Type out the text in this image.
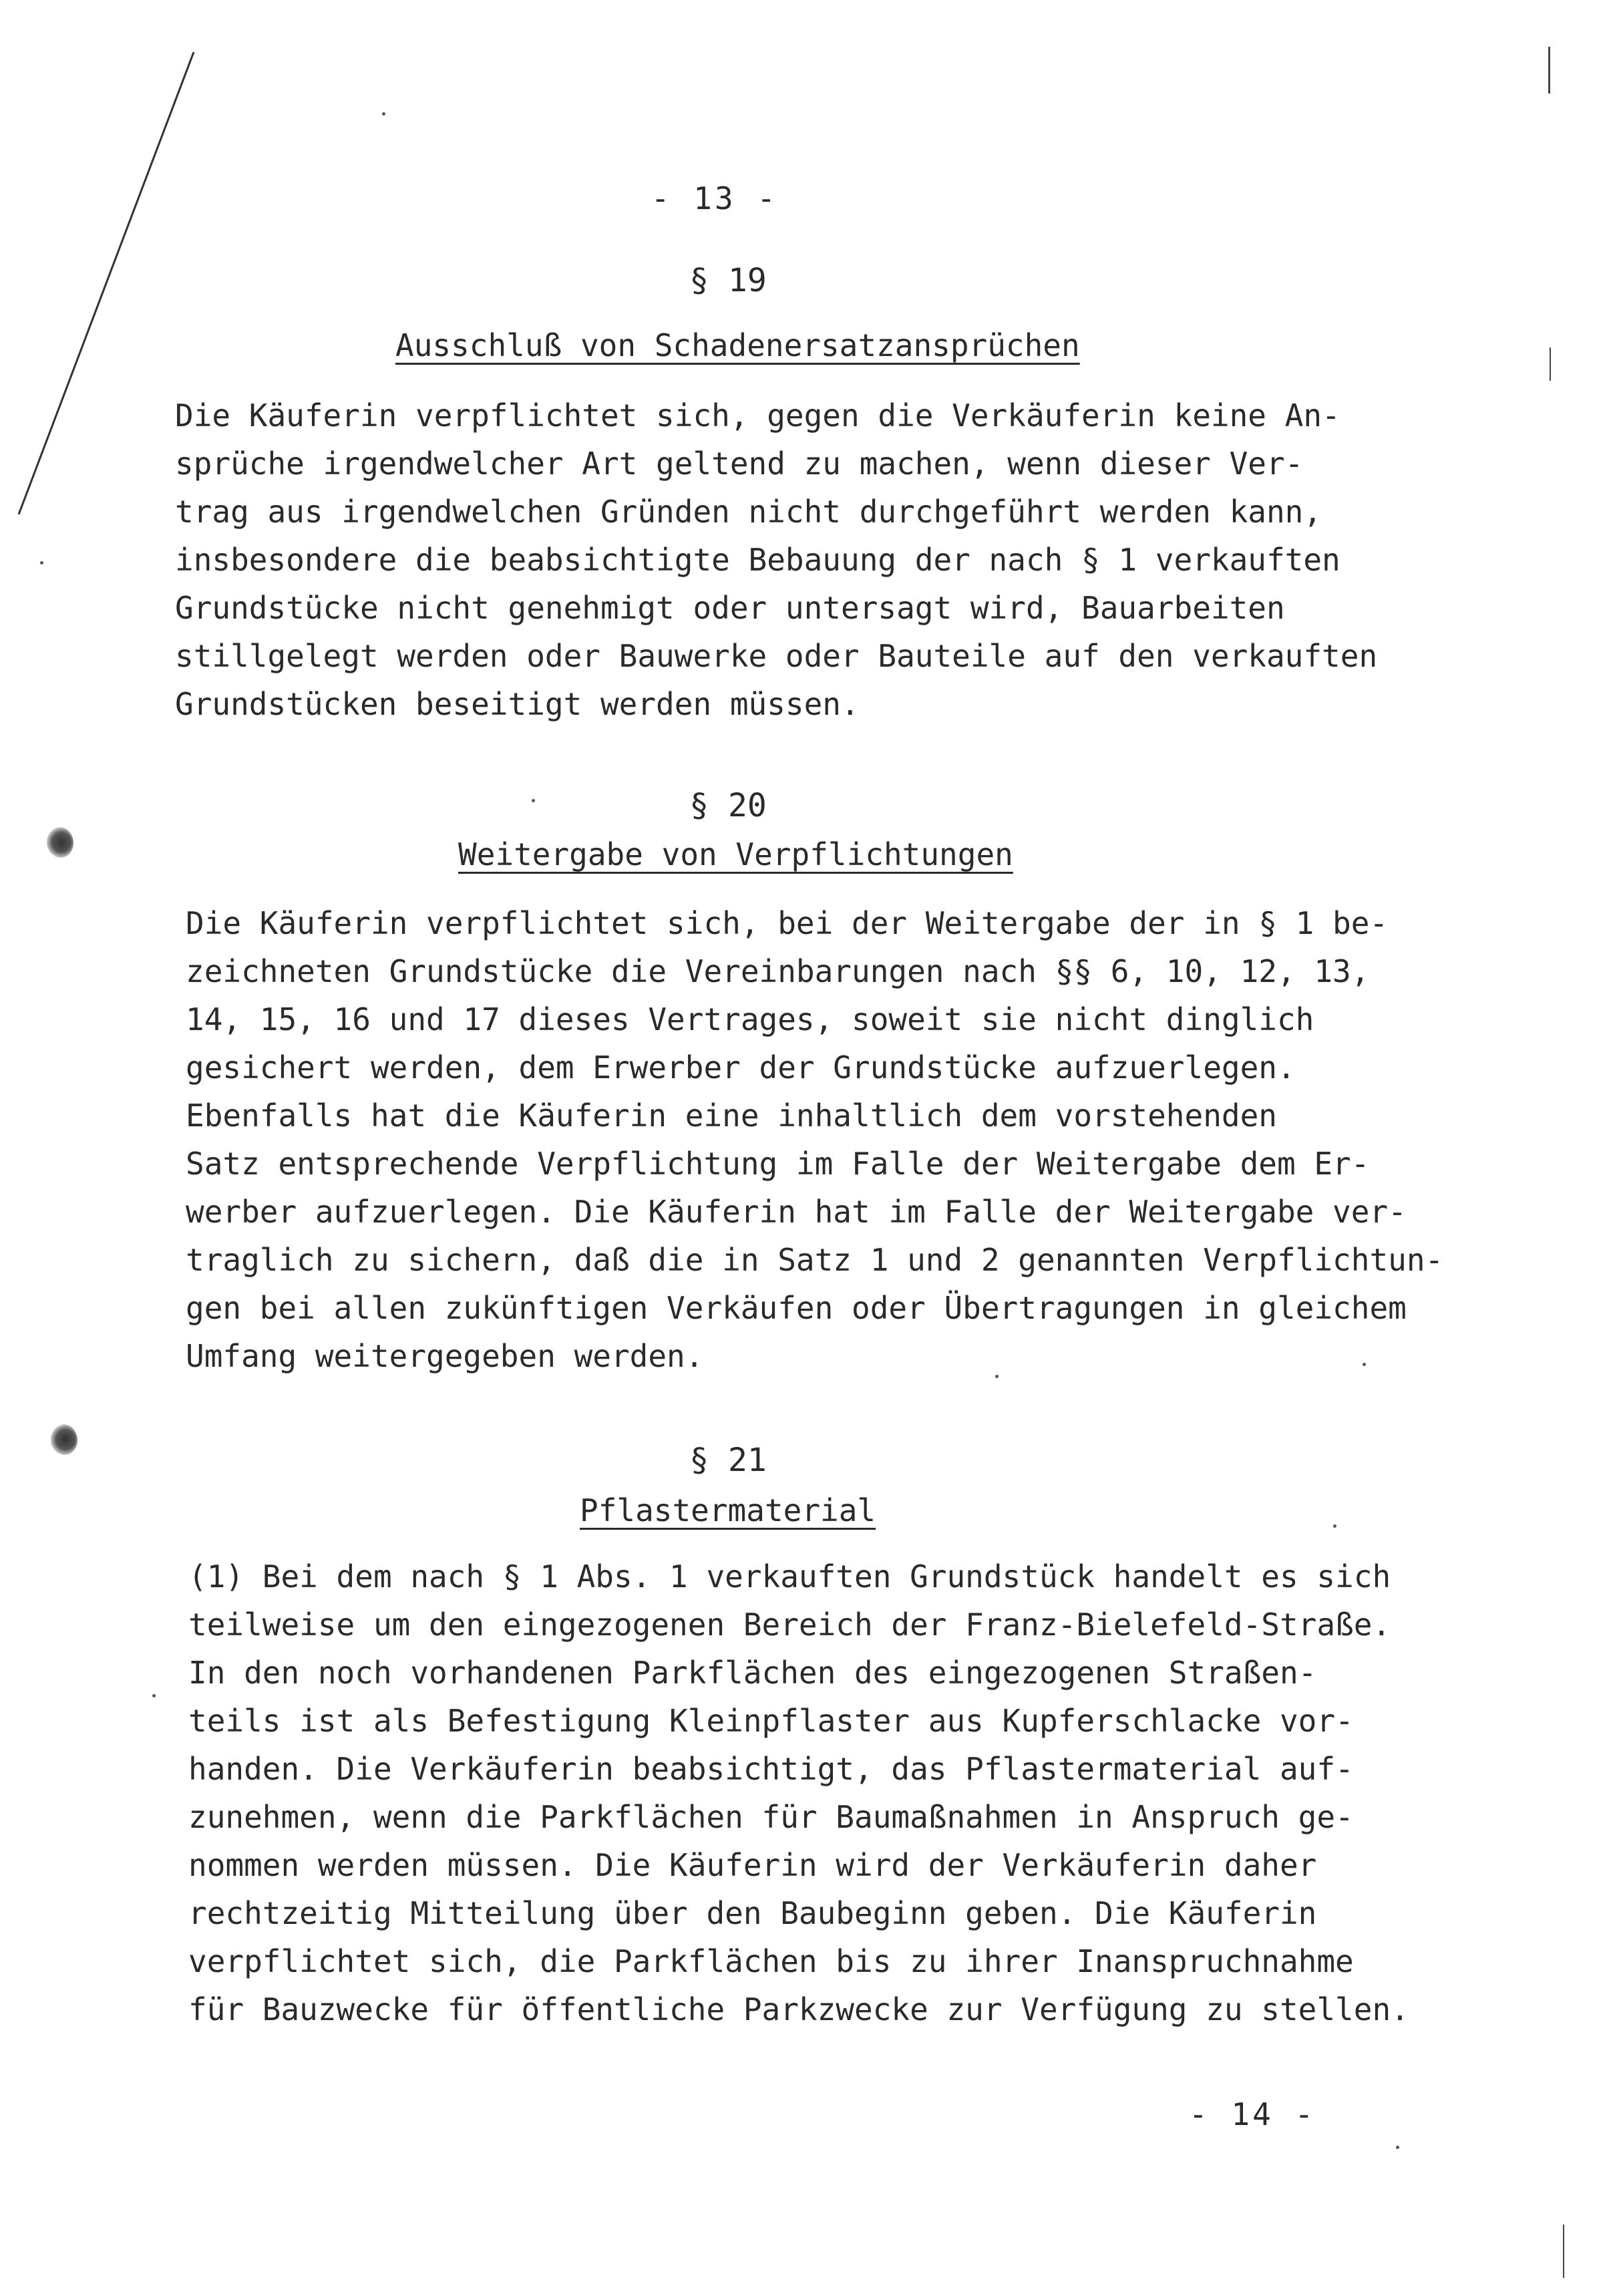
- 13 -
§ 19
Ausschluß von Schadenersatzansprüchen
Die Käuferin verpflichtet sich, gegen die Verkäuferin keine An-
sprüche irgendwelcher Art geltend zu machen, wenn dieser Ver-
trag aus irgendwelchen Gründen nicht durchgeführt werden kann,
insbesondere die beabsichtigte Bebauung der nach § 1 verkauften
Grundstücke nicht genehmigt oder untersagt wird, Bauarbeiten
stillgelegt werden oder Bauwerke oder Bauteile auf den verkauften
Grundstücken beseitigt werden müssen.
§ 20
Weitergabe von Verpflichtungen
Die Käuferin verpflichtet sich, bei der Weitergabe der in § 1 be-
zeichneten Grundstücke die Vereinbarungen nach §§ 6, 10, 12, 13,
14, 15, 16 und 17 dieses Vertrages, soweit sie nicht dinglich
gesichert werden, dem Erwerber der Grundstücke aufzuerlegen.
Ebenfalls hat die Käuferin eine inhaltlich dem vorstehenden
Satz entsprechende Verpflichtung im Falle der Weitergabe dem Er-
werber aufzuerlegen. Die Käuferin hat im Falle der Weitergabe ver-
traglich zu sichern, daß die in Satz 1 und 2 genannten Verpflichtun-
gen bei allen zukünftigen Verkäufen oder Übertragungen in gleichem
Umfang weitergegeben werden.
§ 21
Pflastermaterial
(1) Bei dem nach § 1 Abs. 1 verkauften Grundstück handelt es sich
teilweise um den eingezogenen Bereich der Franz-Bielefeld-Straße.
In den noch vorhandenen Parkflächen des eingezogenen Straßen-
teils ist als Befestigung Kleinpflaster aus Kupferschlacke vor-
handen. Die Verkäuferin beabsichtigt, das Pflastermaterial auf-
zunehmen, wenn die Parkflächen für Baumaßnahmen in Anspruch ge-
nommen werden müssen. Die Käuferin wird der Verkäuferin daher
rechtzeitig Mitteilung über den Baubeginn geben. Die Käuferin
verpflichtet sich, die Parkflächen bis zu ihrer Inanspruchnahme
für Bauzwecke für öffentliche Parkzwecke zur Verfügung zu stellen.
- 14 -
